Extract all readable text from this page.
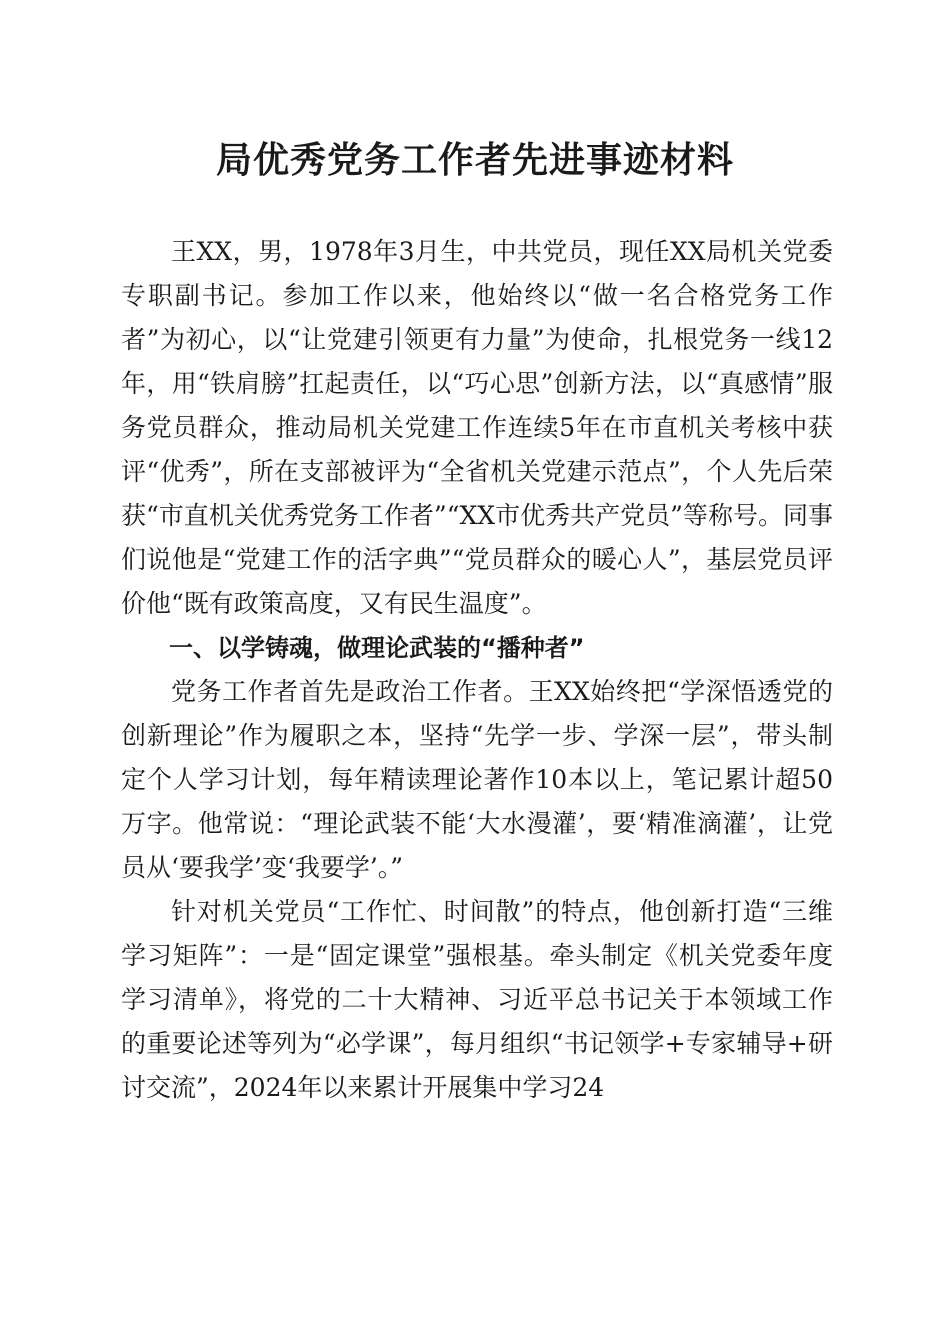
局优秀党务工作者先进事迹材料

王XX，男，1978年3月生，中共党员，现任XX局机关党委专职副书记。参加工作以来，他始终以“做一名合格党务工作者”为初心，以“让党建引领更有力量”为使命，扎根党务一线12年，用“铁肩膀”扛起责任，以“巧心思”创新方法，以“真感情”服务党员群众，推动局机关党建工作连续5年在市直机关考核中获评“优秀”，所在支部被评为“全省机关党建示范点”，个人先后荣获“市直机关优秀党务工作者”“XX市优秀共产党员”等称号。同事们说他是“党建工作的活字典”“党员群众的暖心人”，基层党员评价他“既有政策高度，又有民生温度”。

一、以学铸魂，做理论武装的“播种者”

党务工作者首先是政治工作者。王XX始终把“学深悟透党的创新理论”作为履职之本，坚持“先学一步、学深一层”，带头制定个人学习计划，每年精读理论著作10本以上，笔记累计超50万字。他常说：“理论武装不能‘大水漫灌’，要‘精准滴灌’，让党员从‘要我学’变‘我要学’。”

针对机关党员“工作忙、时间散”的特点，他创新打造“三维学习矩阵”：一是“固定课堂”强根基。牵头制定《机关党委年度学习清单》，将党的二十大精神、习近平总书记关于本领域工作的重要论述等列为“必学课”，每月组织“书记领学+专家辅导+研讨交流”，2024年以来累计开展集中学习24
